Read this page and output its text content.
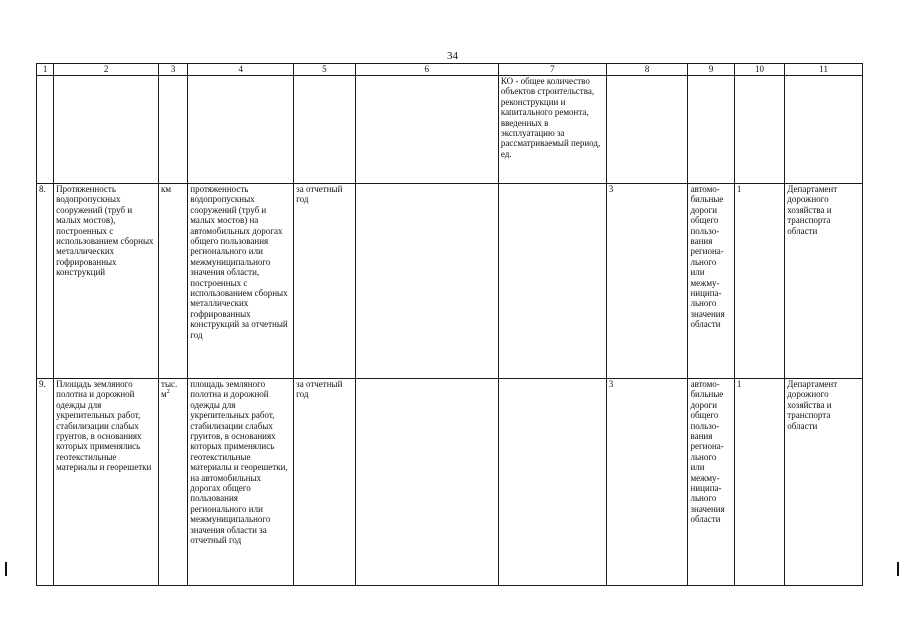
34
1	2	3	4	5	6	7	8	9	10	11
						КО - общее количество объектов строительства, реконструкции и капитального ремонта, введенных в эксплуатацию за рассматриваемый период, ед.				
8.	Протяженность водопропускных сооружений (труб и малых мостов), построенных с использованием сборных металлических гофрированных конструкций	км	протяженность водопропускных сооружений (труб и малых мостов) на автомобильных дорогах общего пользования регионального или межмуниципального значения области, построенных с использованием сборных металлических гофрированных конструкций за отчетный год	за отчетный год			3	автомо-бильные дороги общего пользо-вания регионa-льного или межму-ниципа-льного значения области	1	Департамент дорожного хозяйства и транспорта области
9.	Площадь земляного полотна и дорожной одежды для укрепительных работ, стабилизации слабых грунтов, в основаниях которых применялись геотекстильные материалы и георешетки	тыс. $м^2$	площадь земляного полотна и дорожной одежды для укрепительных работ, стабилизации слабых грунтов, в основаниях которых применялись геотекстильные материалы и георешетки, на автомобильных дорогах общего пользования регионального или межмуниципального значения области за отчетный год	за отчетный год			3	автомо-бильные дороги общего пользо-вания регионa-льного или межму-ниципа-льного значения области	1	Департамент дорожного хозяйства и транспорта области
